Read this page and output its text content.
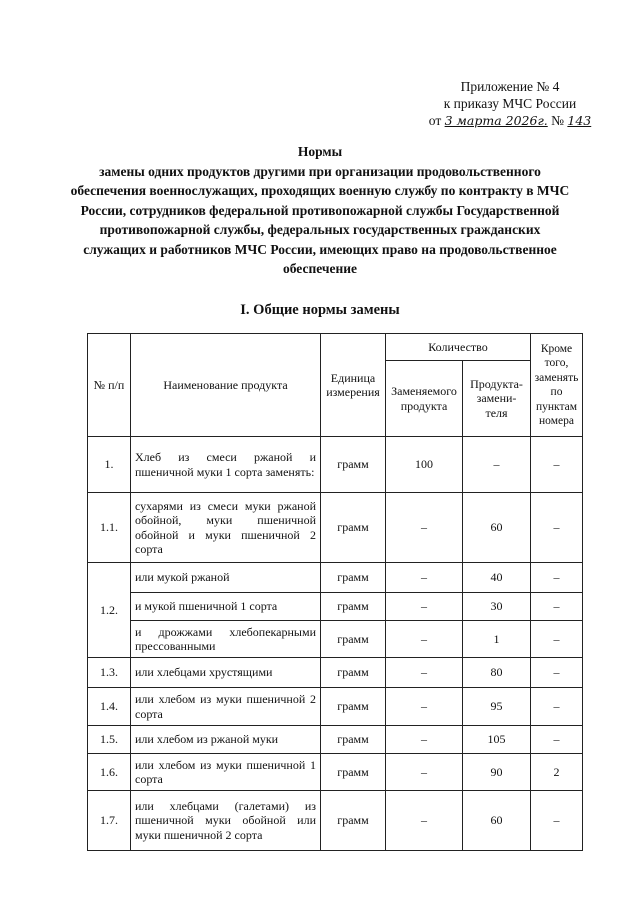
Приложение № 4
к приказу МЧС России
от 3 марта 2026г. № 143
Нормы
замены одних продуктов другими при организации продовольственного обеспечения военнослужащих, проходящих военную службу по контракту в МЧС России, сотрудников федеральной противопожарной службы Государственной противопожарной службы, федеральных государственных гражданских служащих и работников МЧС России, имеющих право на продовольственное обеспечение
I. Общие нормы замены
№ п/п	Наименование продукта	Единица измерения	Количество		Кроме того, заменять по пунктам номера
			Заменяемого продукта	Продукта-замени-теля	
1.	Хлеб из смеси ржаной и пшеничной муки 1 сорта заменять:	грамм	100	–	–
1.1.	сухарями из смеси муки ржаной обойной, муки пшеничной обойной и муки пшеничной 2 сорта	грамм	–	60	–
1.2.	или мукой ржаной	грамм	–	40	–
	и мукой пшеничной 1 сорта	грамм	–	30	–
	и дрожжами хлебопекарными прессованными	грамм	–	1	–
1.3.	или хлебцами хрустящими	грамм	–	80	–
1.4.	или хлебом из муки пшеничной 2 сорта	грамм	–	95	–
1.5.	или хлебом из ржаной муки	грамм	–	105	–
1.6.	или хлебом из муки пшеничной 1 сорта	грамм	–	90	2
1.7.	или хлебцами (галетами) из пшеничной муки обойной или муки пшеничной 2 сорта	грамм	–	60	–
